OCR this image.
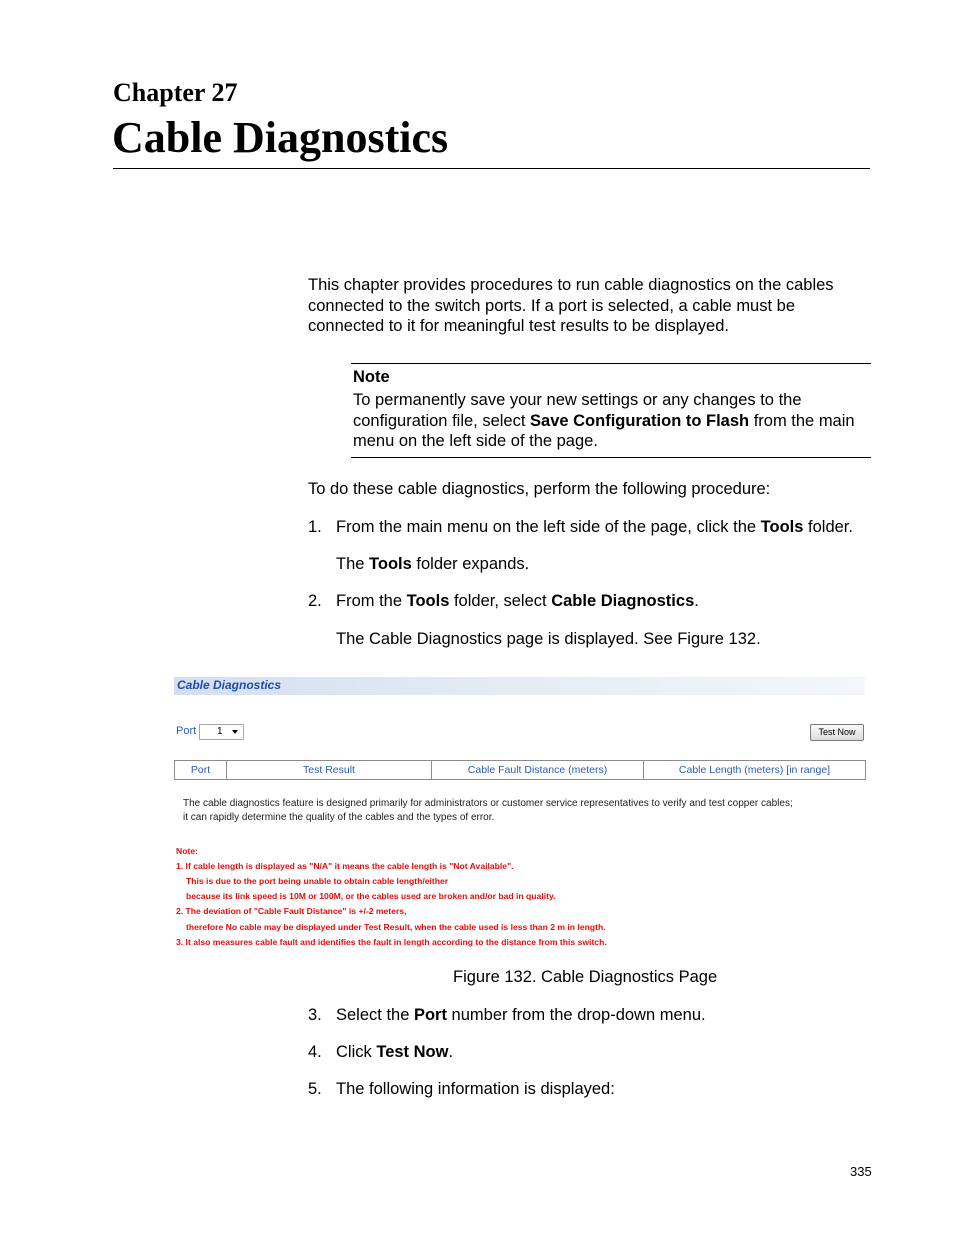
Chapter 27
Cable Diagnostics
This chapter provides procedures to run cable diagnostics on the cables connected to the switch ports. If a port is selected, a cable must be connected to it for meaningful test results to be displayed.
Note
To permanently save your new settings or any changes to the configuration file, select Save Configuration to Flash from the main menu on the left side of the page.
To do these cable diagnostics, perform the following procedure:
1. From the main menu on the left side of the page, click the Tools folder.
The Tools folder expands.
2. From the Tools folder, select Cable Diagnostics.
The Cable Diagnostics page is displayed. See Figure 132.
Cable Diagnostics
Port 1	Test Now
Port	Test Result	Cable Fault Distance (meters)	Cable Length (meters) [in range]
The cable diagnostics feature is designed primarily for administrators or customer service representatives to verify and test copper cables;
it can rapidly determine the quality of the cables and the types of error.
Note:
1. If cable length is displayed as "N/A" it means the cable length is "Not Available".
This is due to the port being unable to obtain cable length/either
because its link speed is 10M or 100M, or the cables used are broken and/or bad in quality.
2. The deviation of "Cable Fault Distance" is +/-2 meters,
therefore No cable may be displayed under Test Result, when the cable used is less than 2 m in length.
3. It also measures cable fault and identifies the fault in length according to the distance from this switch.
Figure 132. Cable Diagnostics Page
3. Select the Port number from the drop-down menu.
4. Click Test Now.
5. The following information is displayed:
335
